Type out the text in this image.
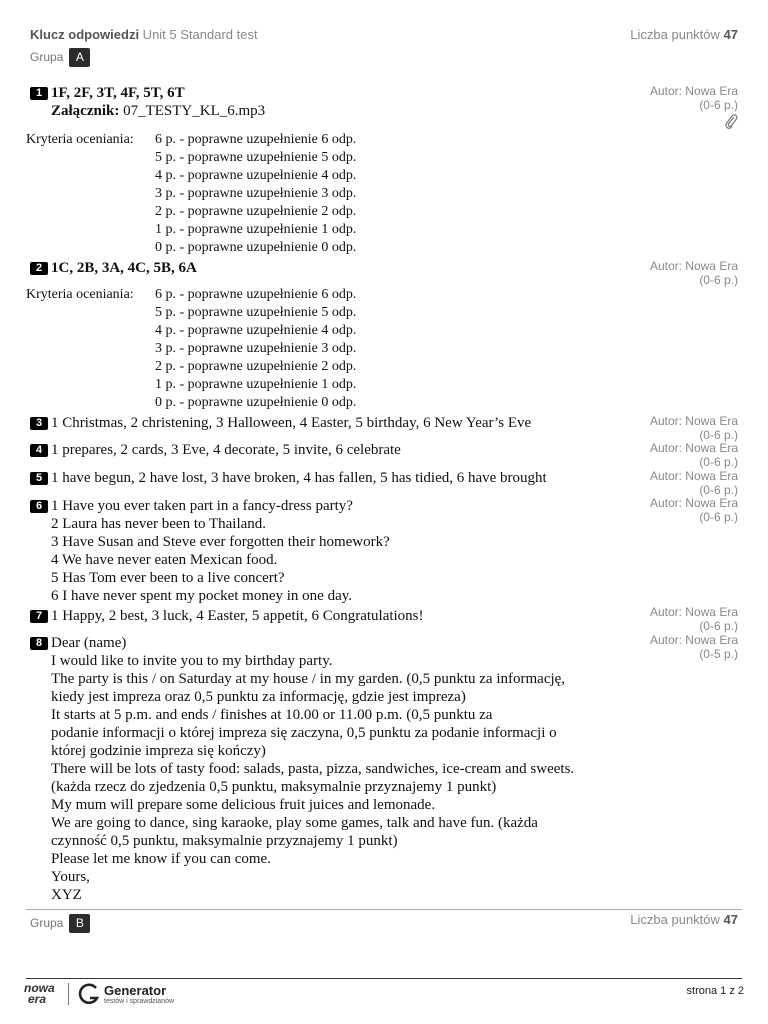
Klucz odpowiedzi Unit 5 Standard test	Liczba punktów 47
Grupa A
1 1F, 2F, 3T, 4F, 5T, 6T
Załącznik: 07_TESTY_KL_6.mp3
Autor: Nowa Era
(0-6 p.)
Kryteria oceniania: 6 p. - poprawne uzupełnienie 6 odp.
5 p. - poprawne uzupełnienie 5 odp.
4 p. - poprawne uzupełnienie 4 odp.
3 p. - poprawne uzupełnienie 3 odp.
2 p. - poprawne uzupełnienie 2 odp.
1 p. - poprawne uzupełnienie 1 odp.
0 p. - poprawne uzupełnienie 0 odp.
2 1C, 2B, 3A, 4C, 5B, 6A	Autor: Nowa Era
(0-6 p.)
Kryteria oceniania: 6 p. - poprawne uzupełnienie 6 odp.
5 p. - poprawne uzupełnienie 5 odp.
4 p. - poprawne uzupełnienie 4 odp.
3 p. - poprawne uzupełnienie 3 odp.
2 p. - poprawne uzupełnienie 2 odp.
1 p. - poprawne uzupełnienie 1 odp.
0 p. - poprawne uzupełnienie 0 odp.
3 1 Christmas, 2 christening, 3 Halloween, 4 Easter, 5 birthday, 6 New Year’s Eve	Autor: Nowa Era
(0-6 p.)
4 1 prepares, 2 cards, 3 Eve, 4 decorate, 5 invite, 6 celebrate	Autor: Nowa Era
(0-6 p.)
5 1 have begun, 2 have lost, 3 have broken, 4 has fallen, 5 has tidied, 6 have brought	Autor: Nowa Era
(0-6 p.)
6 1 Have you ever taken part in a fancy-dress party?
2 Laura has never been to Thailand.
3 Have Susan and Steve ever forgotten their homework?
4 We have never eaten Mexican food.
5 Has Tom ever been to a live concert?
6 I have never spent my pocket money in one day.
Autor: Nowa Era
(0-6 p.)
7 1 Happy, 2 best, 3 luck, 4 Easter, 5 appetit, 6 Congratulations!	Autor: Nowa Era
(0-6 p.)
8 Dear (name)
I would like to invite you to my birthday party.
The party is this / on Saturday at my house / in my garden. (0,5 punktu za informację,
kiedy jest impreza oraz 0,5 punktu za informację, gdzie jest impreza)
It starts at 5 p.m. and ends / finishes at 10.00 or 11.00 p.m. (0,5 punktu za
podanie informacji o której impreza się zaczyna, 0,5 punktu za podanie informacji o
której godzinie impreza się kończy)
There will be lots of tasty food: salads, pasta, pizza, sandwiches, ice-cream and sweets.
(każda rzecz do zjedzenia 0,5 punktu, maksymalnie przyznajemy 1 punkt)
My mum will prepare some delicious fruit juices and lemonade.
We are going to dance, sing karaoke, play some games, talk and have fun. (każda
czynność 0,5 punktu, maksymalnie przyznajemy 1 punkt)
Please let me know if you can come.
Yours,
XYZ
Autor: Nowa Era
(0-5 p.)
Grupa B	Liczba punktów 47
nowa
era
Generator
testów i sprawdzianów
strona 1 z 2
